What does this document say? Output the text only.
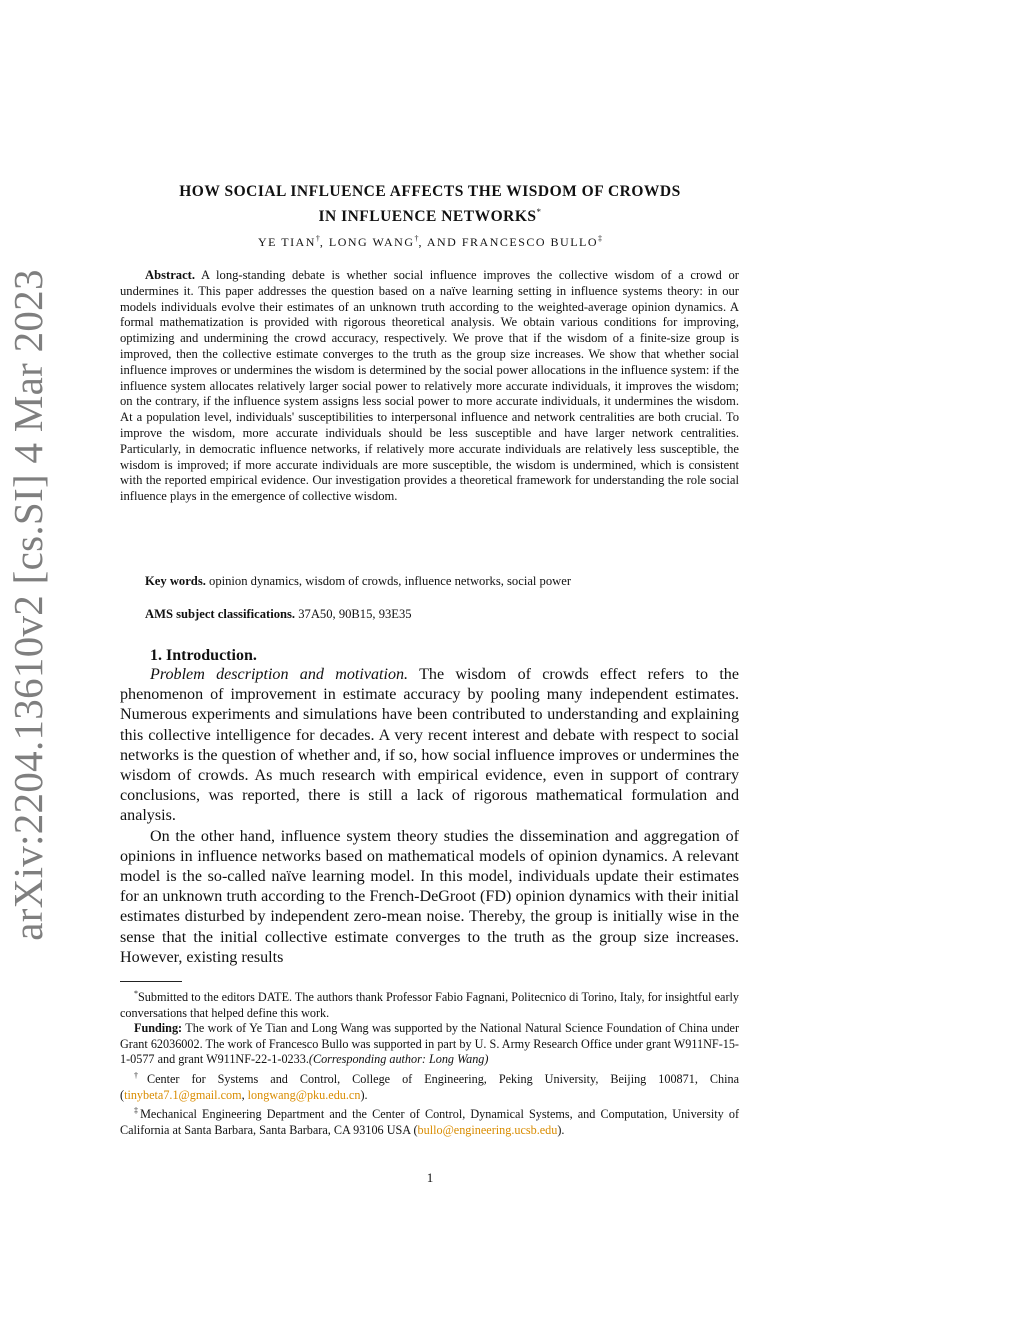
arXiv:2204.13610v2 [cs.SI] 4 Mar 2023
HOW SOCIAL INFLUENCE AFFECTS THE WISDOM OF CROWDS
IN INFLUENCE NETWORKS*
YE TIAN†, LONG WANG†, AND FRANCESCO BULLO‡

Abstract. A long-standing debate is whether social influence improves the collective wisdom of a crowd or undermines it. This paper addresses the question based on a naïve learning setting in influence systems theory: in our models individuals evolve their estimates of an unknown truth according to the weighted-average opinion dynamics. A formal mathematization is provided with rigorous theoretical analysis. We obtain various conditions for improving, optimizing and undermining the crowd accuracy, respectively. We prove that if the wisdom of a finite-size group is improved, then the collective estimate converges to the truth as the group size increases. We show that whether social influence improves or undermines the wisdom is determined by the social power allocations in the influence system: if the influence system allocates relatively larger social power to relatively more accurate individuals, it improves the wisdom; on the contrary, if the influence system assigns less social power to more accurate individuals, it undermines the wisdom. At a population level, individuals' susceptibilities to interpersonal influence and network centralities are both crucial. To improve the wisdom, more accurate individuals should be less susceptible and have larger network centralities. Particularly, in democratic influence networks, if relatively more accurate individuals are relatively less susceptible, the wisdom is improved; if more accurate individuals are more susceptible, the wisdom is undermined, which is consistent with the reported empirical evidence. Our investigation provides a theoretical framework for understanding the role social influence plays in the emergence of collective wisdom.

Key words. opinion dynamics, wisdom of crowds, influence networks, social power
AMS subject classifications. 37A50, 90B15, 93E35
1. Introduction.

Problem description and motivation. The wisdom of crowds effect refers to the phenomenon of improvement in estimate accuracy by pooling many independent estimates. Numerous experiments and simulations have been contributed to understanding and explaining this collective intelligence for decades. A very recent interest and debate with respect to social networks is the question of whether and, if so, how social influence improves or undermines the wisdom of crowds. As much research with empirical evidence, even in support of contrary conclusions, was reported, there is still a lack of rigorous mathematical formulation and analysis.

On the other hand, influence system theory studies the dissemination and aggregation of opinions in influence networks based on mathematical models of opinion dynamics. A relevant model is the so-called naïve learning model. In this model, individuals update their estimates for an unknown truth according to the French-DeGroot (FD) opinion dynamics with their initial estimates disturbed by independent zero-mean noise. Thereby, the group is initially wise in the sense that the initial collective estimate converges to the truth as the group size increases. However, existing results

*Submitted to the editors DATE. The authors thank Professor Fabio Fagnani, Politecnico di Torino, Italy, for insightful early conversations that helped define this work.

Funding: The work of Ye Tian and Long Wang was supported by the National Natural Science Foundation of China under Grant 62036002. The work of Francesco Bullo was supported in part by U. S. Army Research Office under grant W911NF-15-1-0577 and grant W911NF-22-1-0233.(Corresponding author: Long Wang)

†Center for Systems and Control, College of Engineering, Peking University, Beijing 100871, China (tinybeta7.1@gmail.com, longwang@pku.edu.cn).

‡Mechanical Engineering Department and the Center of Control, Dynamical Systems, and Computation, University of California at Santa Barbara, Santa Barbara, CA 93106 USA (bullo@engineering.ucsb.edu).

1
